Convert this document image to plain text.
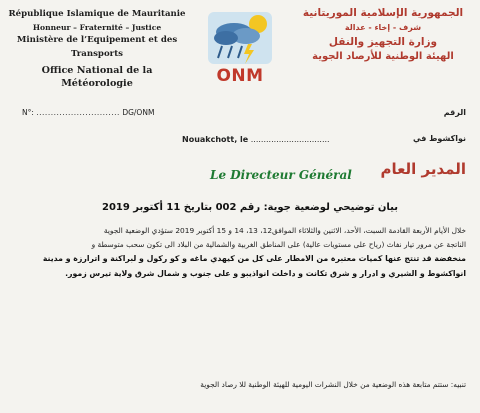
République Islamique de Mauritanie
Honneur – Fraternité – Justice
Ministère de l’Equipement et des Transports
Office National de la Météorologie	ONM
الجمهورية الإسلامية الموريتانية
شرف - إخاء - عدالة
وزارة التجهيز والنقل
الهيئة الوطنية للأرصاد الجوية
N°: ............................. DG/ONM	الرقم
Nouakchott, le ...............................	نواكشوط في
Le Directeur Général المدير العام
بيان توضيحي لوضعية جوية: رقم 002 بتاريخ 11 أكتوبر 2019
خلال الأيام الأربعة القادمة السبت، الأحد، الاثنين والثلاثاء الموافق12، 13، 14 و 15 أكتوبر 2019 ستؤدي الوضعية الجوية
الناتجة عن مرور تيار نفاث (رياح على مستويات عالية) على المناطق الغربية والشمالية من البلاد الى تكون سحب متوسطة و
منخفضة قد تنتج عنها كميات معتبرة من الامطار على كل من كيهدي ماغه و كو ركول و لبراكنة و اترارزة و مدينة
انواكشوط و الشيري و ادرار و شرق تكانت و داخلت انواذيبو و على جنوب و شمال شرق ولاية تيرس زمور.
تنبيه: ستتم متابعة هذه الوضعية من خلال النشرات اليومية للهيئة الوطنية للا رصاد الجوية
